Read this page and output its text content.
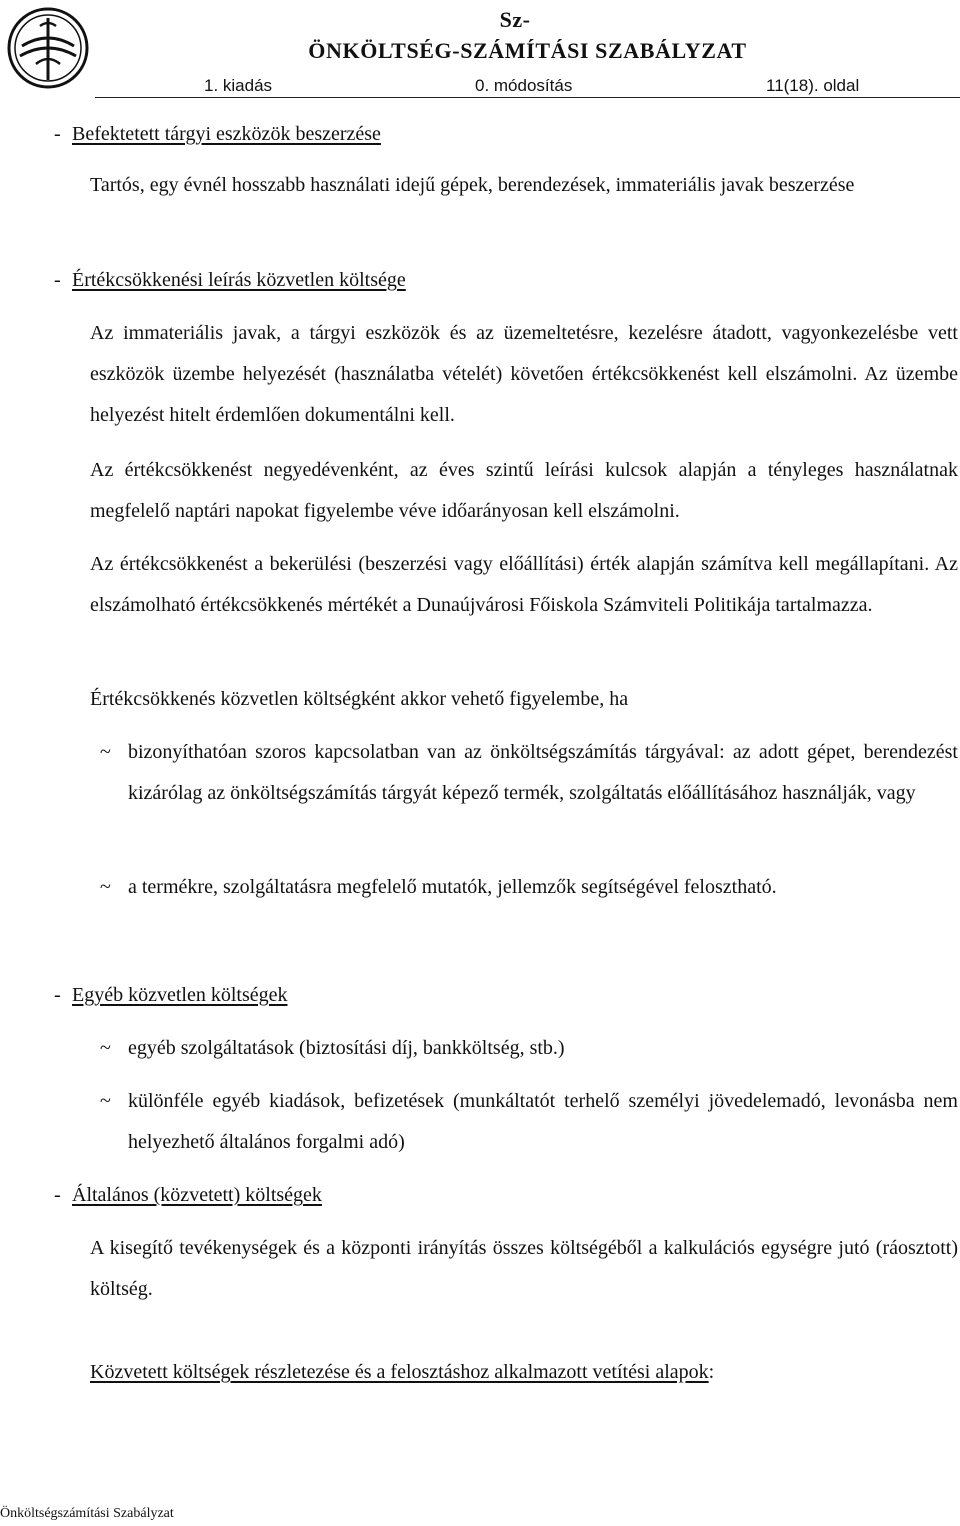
Sz-
ÖNKÖLTSÉG-SZÁMÍTÁSI SZABÁLYZAT
1. kiadás	0. módosítás	11(18). oldal
- Befektetett tárgyi eszközök beszerzése
Tartós, egy évnél hosszabb használati idejű gépek, berendezések, immateriális javak beszerzése
- Értékcsökkenési leírás közvetlen költsége
Az immateriális javak, a tárgyi eszközök és az üzemeltetésre, kezelésre átadott, vagyonkezelésbe vett eszközök üzembe helyezését (használatba vételét) követően értékcsökkenést kell elszámolni. Az üzembe helyezést hitelt érdemlően dokumentálni kell.
Az értékcsökkenést negyedévenként, az éves szintű leírási kulcsok alapján a tényleges használatnak megfelelő naptári napokat figyelembe véve időarányosan kell elszámolni.
Az értékcsökkenést a bekerülési (beszerzési vagy előállítási) érték alapján számítva kell megállapítani. Az elszámolható értékcsökkenés mértékét a Dunaújvárosi Főiskola Számviteli Politikája tartalmazza.
Értékcsökkenés közvetlen költségként akkor vehető figyelembe, ha
~ bizonyíthatóan szoros kapcsolatban van az önköltségszámítás tárgyával: az adott gépet, berendezést kizárólag az önköltségszámítás tárgyát képező termék, szolgáltatás előállításához használják, vagy
~ a termékre, szolgáltatásra megfelelő mutatók, jellemzők segítségével felosztható.
- Egyéb közvetlen költségek
~ egyéb szolgáltatások (biztosítási díj, bankköltség, stb.)
~ különféle egyéb kiadások, befizetések (munkáltatót terhelő személyi jövedelemadó, levonásba nem helyezhető általános forgalmi adó)
- Általános (közvetett) költségek
A kisegítő tevékenységek és a központi irányítás összes költségéből a kalkulációs egységre jutó (ráosztott) költség.
Közvetett költségek részletezése és a felosztáshoz alkalmazott vetítési alapok:
Önköltségszámítási Szabályzat
